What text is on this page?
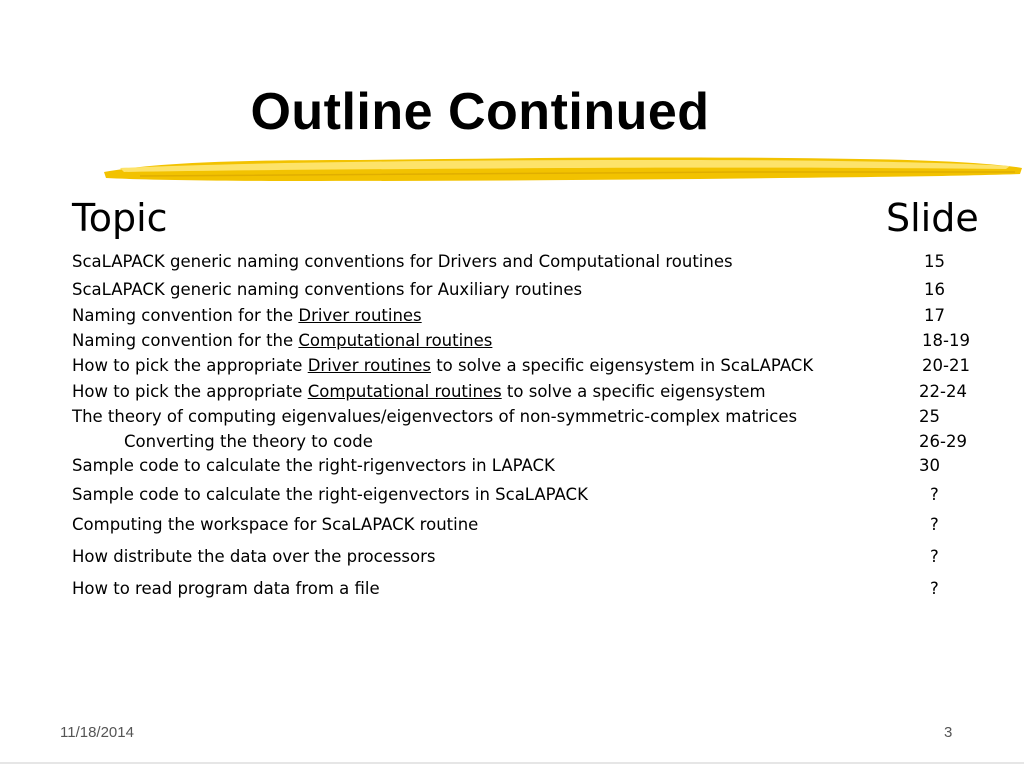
Outline Continued
Topic	Slide
ScaLAPACK generic naming conventions for Drivers and Computational routines	15
ScaLAPACK generic naming conventions for Auxiliary routines	16
Naming convention for the Driver routines	17
Naming convention for the Computational routines	18-19
How to pick the appropriate Driver routines to solve a specific eigensystem in ScaLAPACK	20-21
How to pick the appropriate Computational routines to solve a specific eigensystem	22-24
The theory of computing eigenvalues/eigenvectors of non-symmetric-complex matrices	25
Converting the theory to code	26-29
Sample code to calculate the right-rigenvectors in LAPACK	30
Sample code to calculate the right-eigenvectors in ScaLAPACK	?
Computing the workspace for ScaLAPACK routine	?
How distribute the data over the processors	?
How to read program data from a file	?
11/18/2014	3
